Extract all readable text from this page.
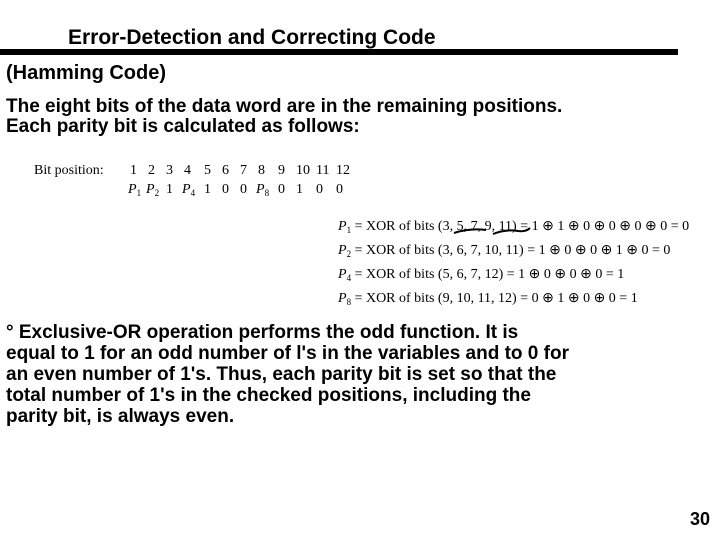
Error-Detection and Correcting Code
(Hamming Code)
The eight bits of the data word are in the remaining positions.
Each parity bit is calculated as follows:
Bit position: 1 2 3 4 5 6 7 8 9 10 11 12
$P_1$ $P_2$ 1 $P_4$ 1 0 0 $P_8$ 0 1 0 0
$P_1$ = XOR of bits (3, 5, 7, 9, 11) = 1 ⊕ 1 ⊕ 0 ⊕ 0 ⊕ 0 ⊕ 0 = 0
$P_2$ = XOR of bits (3, 6, 7, 10, 11) = 1 ⊕ 0 ⊕ 0 ⊕ 1 ⊕ 0 = 0
$P_4$ = XOR of bits (5, 6, 7, 12) = 1 ⊕ 0 ⊕ 0 ⊕ 0 = 1
$P_8$ = XOR of bits (9, 10, 11, 12) = 0 ⊕ 1 ⊕ 0 ⊕ 0 = 1
° Exclusive-OR operation performs the odd function. It is
equal to 1 for an odd number of l's in the variables and to 0 for
an even number of 1's. Thus, each parity bit is set so that the
total number of 1's in the checked positions, including the
parity bit, is always even.
30
